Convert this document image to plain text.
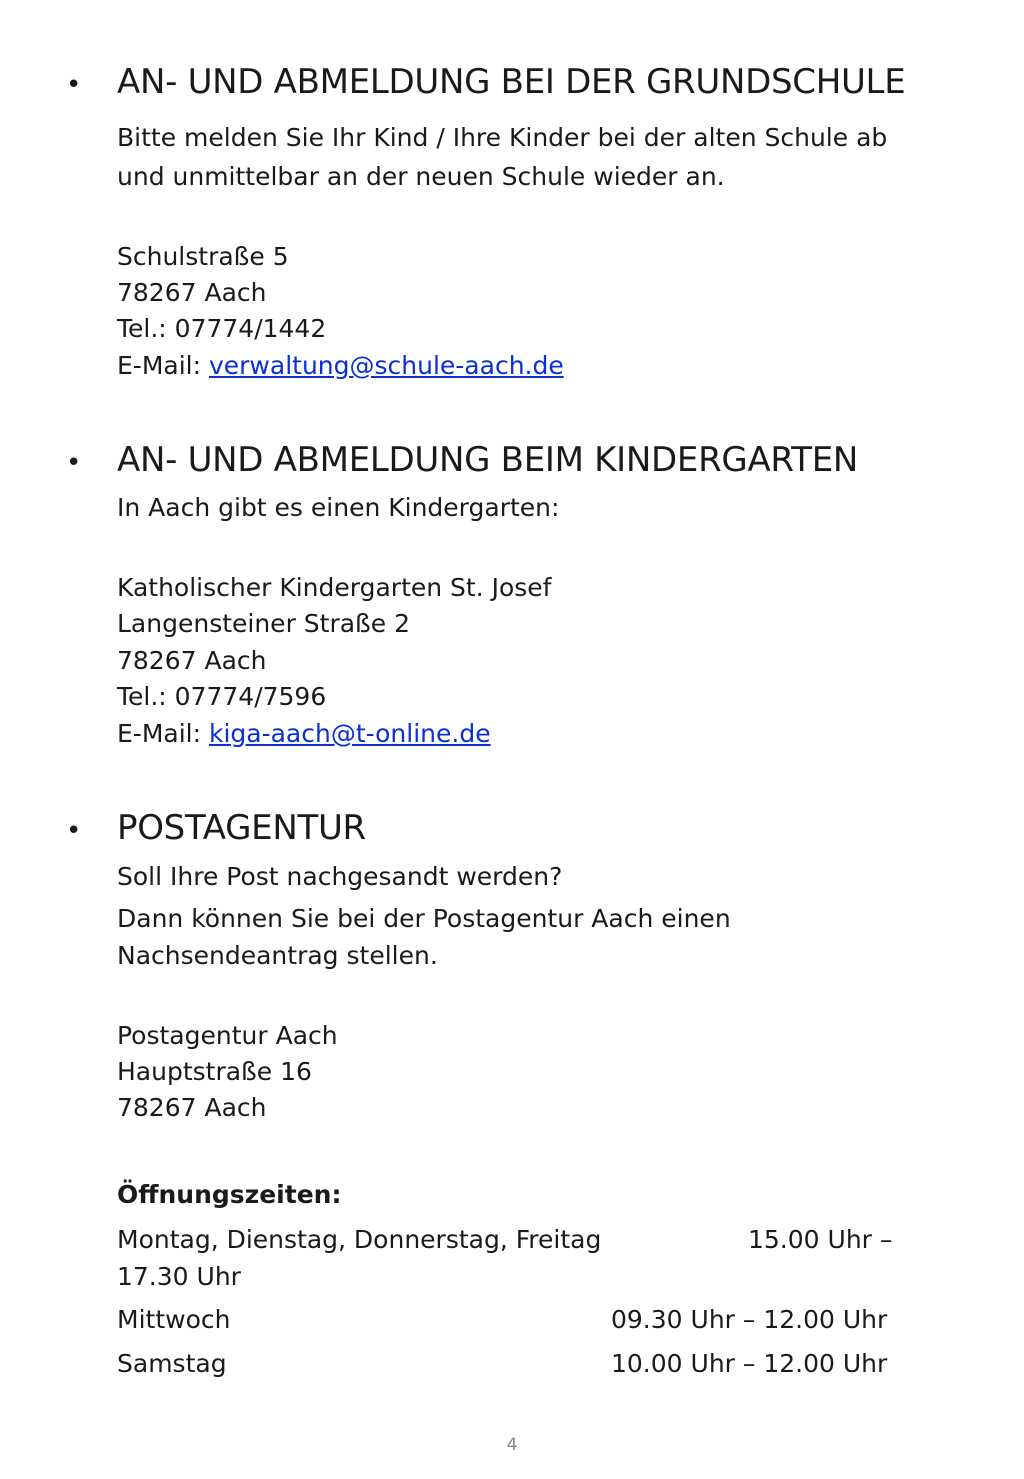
• AN- UND ABMELDUNG BEI DER GRUNDSCHULE

Bitte melden Sie Ihr Kind / Ihre Kinder bei der alten Schule ab

und unmittelbar an der neuen Schule wieder an.

Schulstraße 5

78267 Aach

Tel.: 07774/1442

E-Mail: verwaltung@schule-aach.de

• AN- UND ABMELDUNG BEIM KINDERGARTEN

In Aach gibt es einen Kindergarten:

Katholischer Kindergarten St. Josef

Langensteiner Straße 2

78267 Aach

Tel.: 07774/7596

E-Mail: kiga-aach@t-online.de

• POSTAGENTUR

Soll Ihre Post nachgesandt werden?

Dann können Sie bei der Postagentur Aach einen

Nachsendeantrag stellen.

Postagentur Aach

Hauptstraße 16

78267 Aach

Öffnungszeiten:

Montag, Dienstag, Donnerstag, Freitag	15.00 Uhr –

17.30 Uhr

Mittwoch	09.30 Uhr – 12.00 Uhr

Samstag	10.00 Uhr – 12.00 Uhr
4
